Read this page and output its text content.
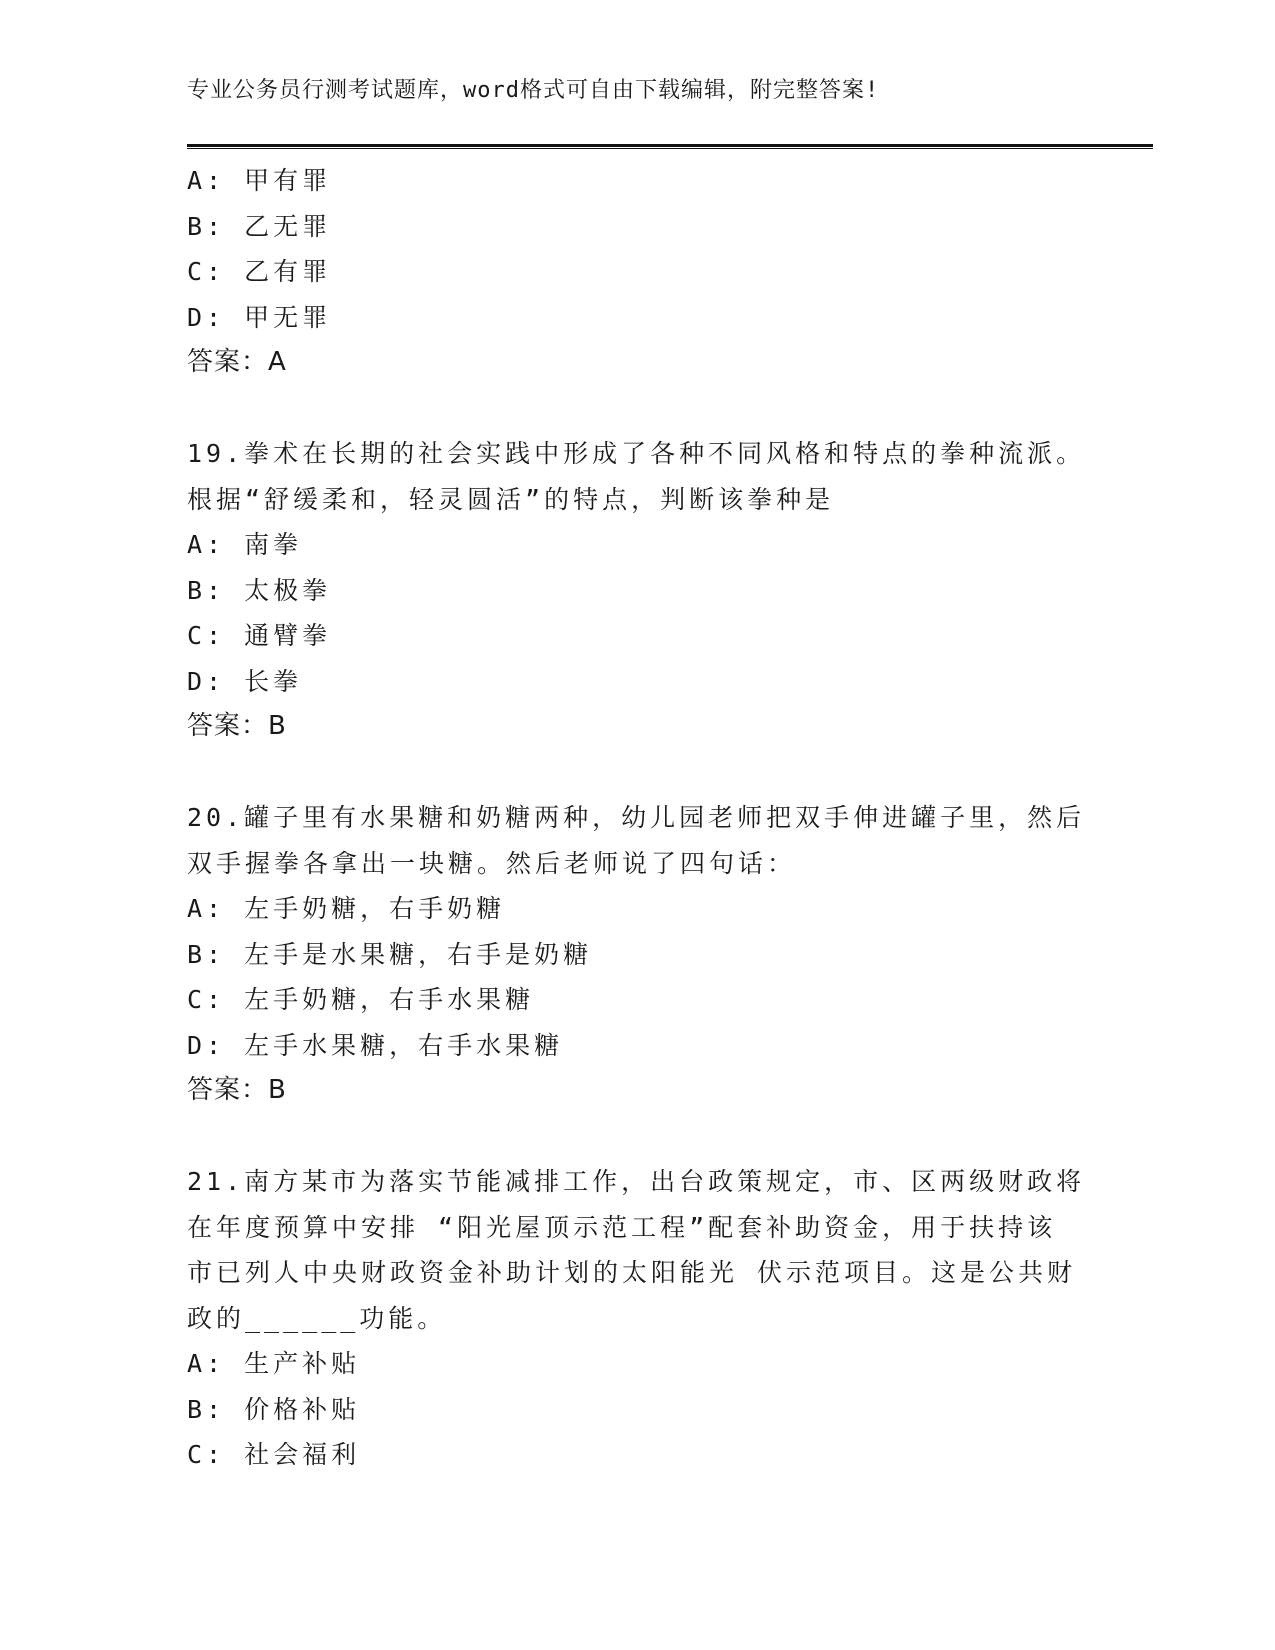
专业公务员行测考试题库，word格式可自由下载编辑，附完整答案!
A: 甲有罪
B: 乙无罪
C: 乙有罪
D: 甲无罪
答案：A
19.拳术在长期的社会实践中形成了各种不同风格和特点的拳种流派。
根据“舒缓柔和，轻灵圆活”的特点，判断该拳种是
A: 南拳
B: 太极拳
C: 通臂拳
D: 长拳
答案：B
20.罐子里有水果糖和奶糖两种，幼儿园老师把双手伸进罐子里，然后
双手握拳各拿出一块糖。然后老师说了四句话：
A: 左手奶糖，右手奶糖
B: 左手是水果糖，右手是奶糖
C: 左手奶糖，右手水果糖
D: 左手水果糖，右手水果糖
答案：B
21.南方某市为落实节能减排工作，出台政策规定，市、区两级财政将
在年度预算中安排 “阳光屋顶示范工程”配套补助资金，用于扶持该
市已列人中央财政资金补助计划的太阳能光 伏示范项目。这是公共财
政的______功能。
A: 生产补贴
B: 价格补贴
C: 社会福利
